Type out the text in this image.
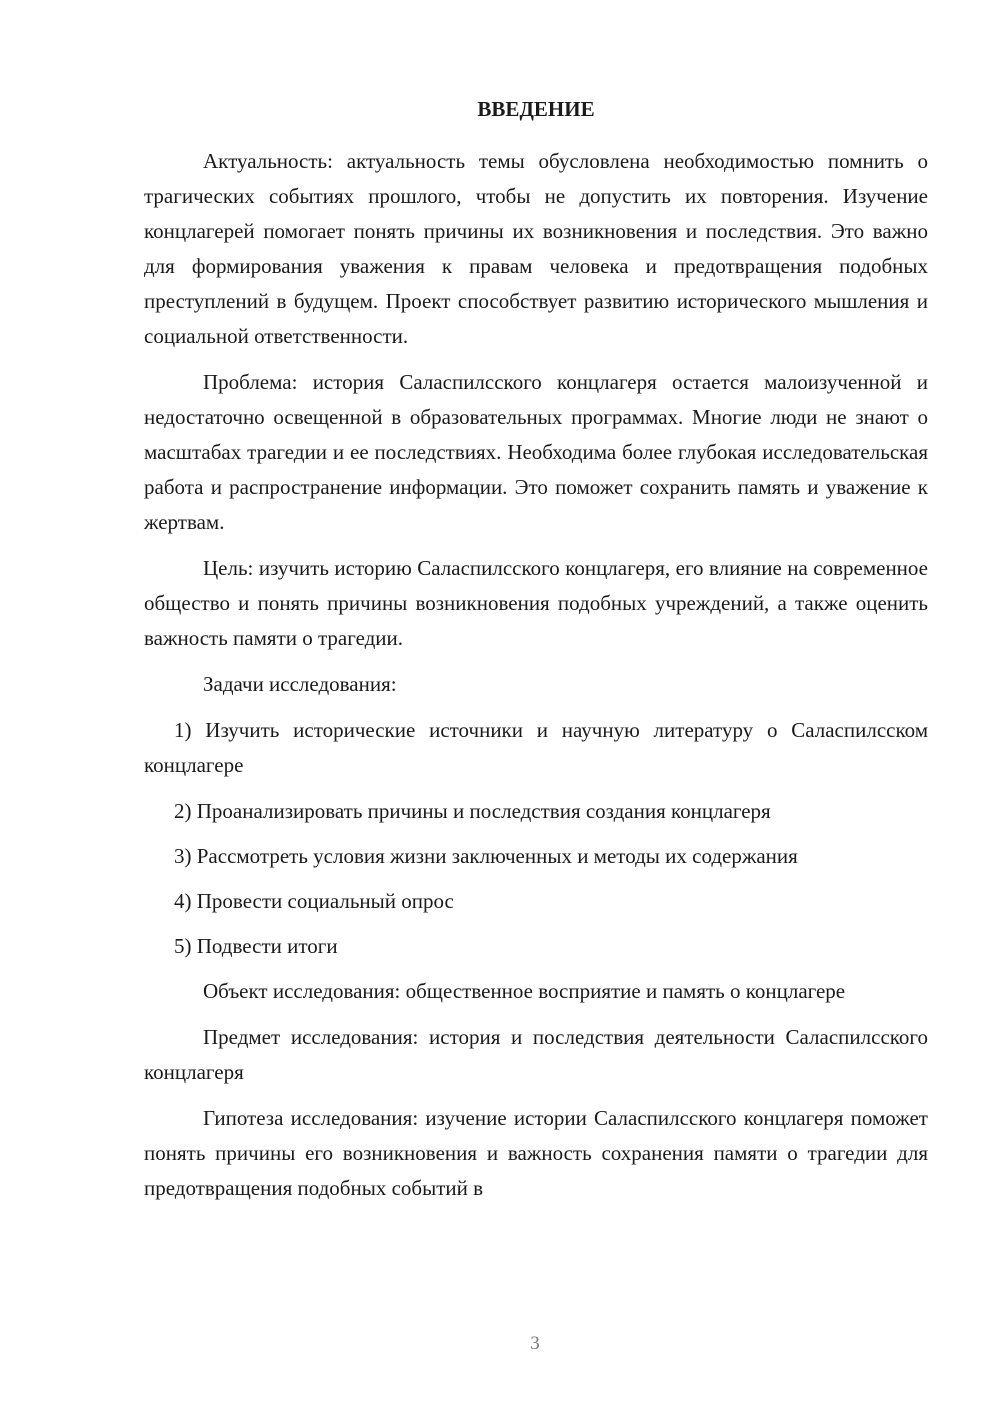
ВВЕДЕНИЕ

Актуальность: актуальность темы обусловлена необходимостью помнить о трагических событиях прошлого, чтобы не допустить их повторения. Изучение концлагерей помогает понять причины их возникновения и последствия. Это важно для формирования уважения к правам человека и предотвращения подобных преступлений в будущем. Проект способствует развитию исторического мышления и социальной ответственности.

Проблема: история Саласпилсского концлагеря остается малоизученной и недостаточно освещенной в образовательных программах. Многие люди не знают о масштабах трагедии и ее последствиях. Необходима более глубокая исследовательская работа и распространение информации. Это поможет сохранить память и уважение к жертвам.

Цель: изучить историю Саласпилсского концлагеря, его влияние на современное общество и понять причины возникновения подобных учреждений, а также оценить важность памяти о трагедии.

Задачи исследования:

1) Изучить исторические источники и научную литературу о Саласпилсском концлагере

2) Проанализировать причины и последствия создания концлагеря

3) Рассмотреть условия жизни заключенных и методы их содержания

4) Провести социальный опрос

5) Подвести итоги

Объект исследования: общественное восприятие и память о концлагере

Предмет исследования: история и последствия деятельности Саласпилсского концлагеря

Гипотеза исследования: изучение истории Саласпилсского концлагеря поможет понять причины его возникновения и важность сохранения памяти о трагедии для предотвращения подобных событий в

3
